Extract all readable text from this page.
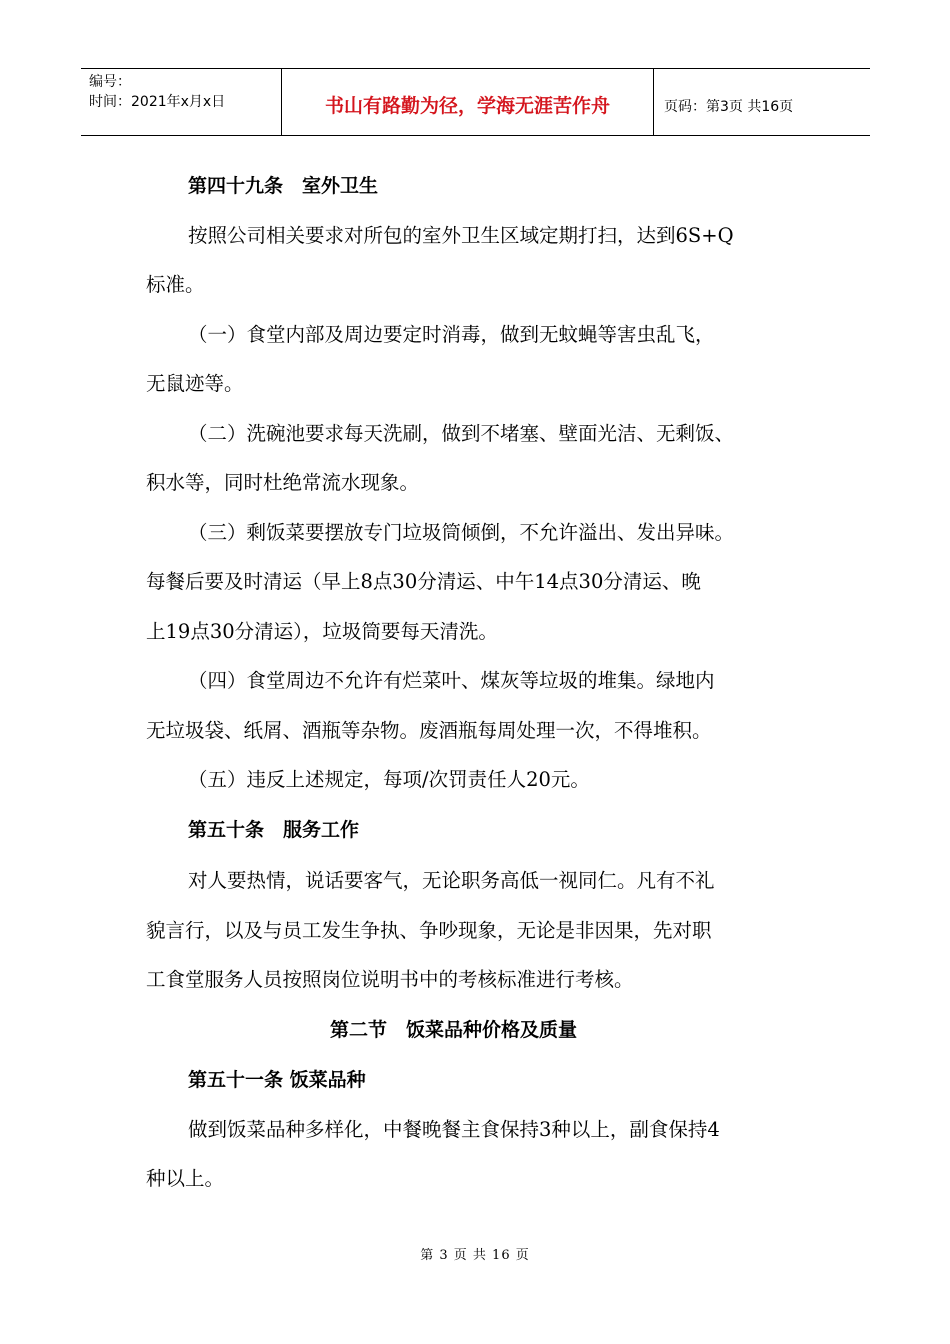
编号：
时间：2021年x月x日	书山有路勤为径，学海无涯苦作舟	页码：第3页 共16页
第四十九条　室外卫生
按照公司相关要求对所包的室外卫生区域定期打扫，达到6S+Q
标准。
（一）食堂内部及周边要定时消毒，做到无蚊蝇等害虫乱飞，
无鼠迹等。
（二）洗碗池要求每天洗刷，做到不堵塞、壁面光洁、无剩饭、
积水等，同时杜绝常流水现象。
（三）剩饭菜要摆放专门垃圾筒倾倒，不允许溢出、发出异味。
每餐后要及时清运（早上8点30分清运、中午14点30分清运、晚
上19点30分清运），垃圾筒要每天清洗。
（四）食堂周边不允许有烂菜叶、煤灰等垃圾的堆集。绿地内
无垃圾袋、纸屑、酒瓶等杂物。废酒瓶每周处理一次，不得堆积。
（五）违反上述规定，每项/次罚责任人20元。
第五十条　服务工作
对人要热情，说话要客气，无论职务高低一视同仁。凡有不礼
貌言行，以及与员工发生争执、争吵现象，无论是非因果，先对职
工食堂服务人员按照岗位说明书中的考核标准进行考核。
第二节　饭菜品种价格及质量
第五十一条 饭菜品种
做到饭菜品种多样化，中餐晚餐主食保持3种以上，副食保持4
种以上。
第 3 页 共 16 页
